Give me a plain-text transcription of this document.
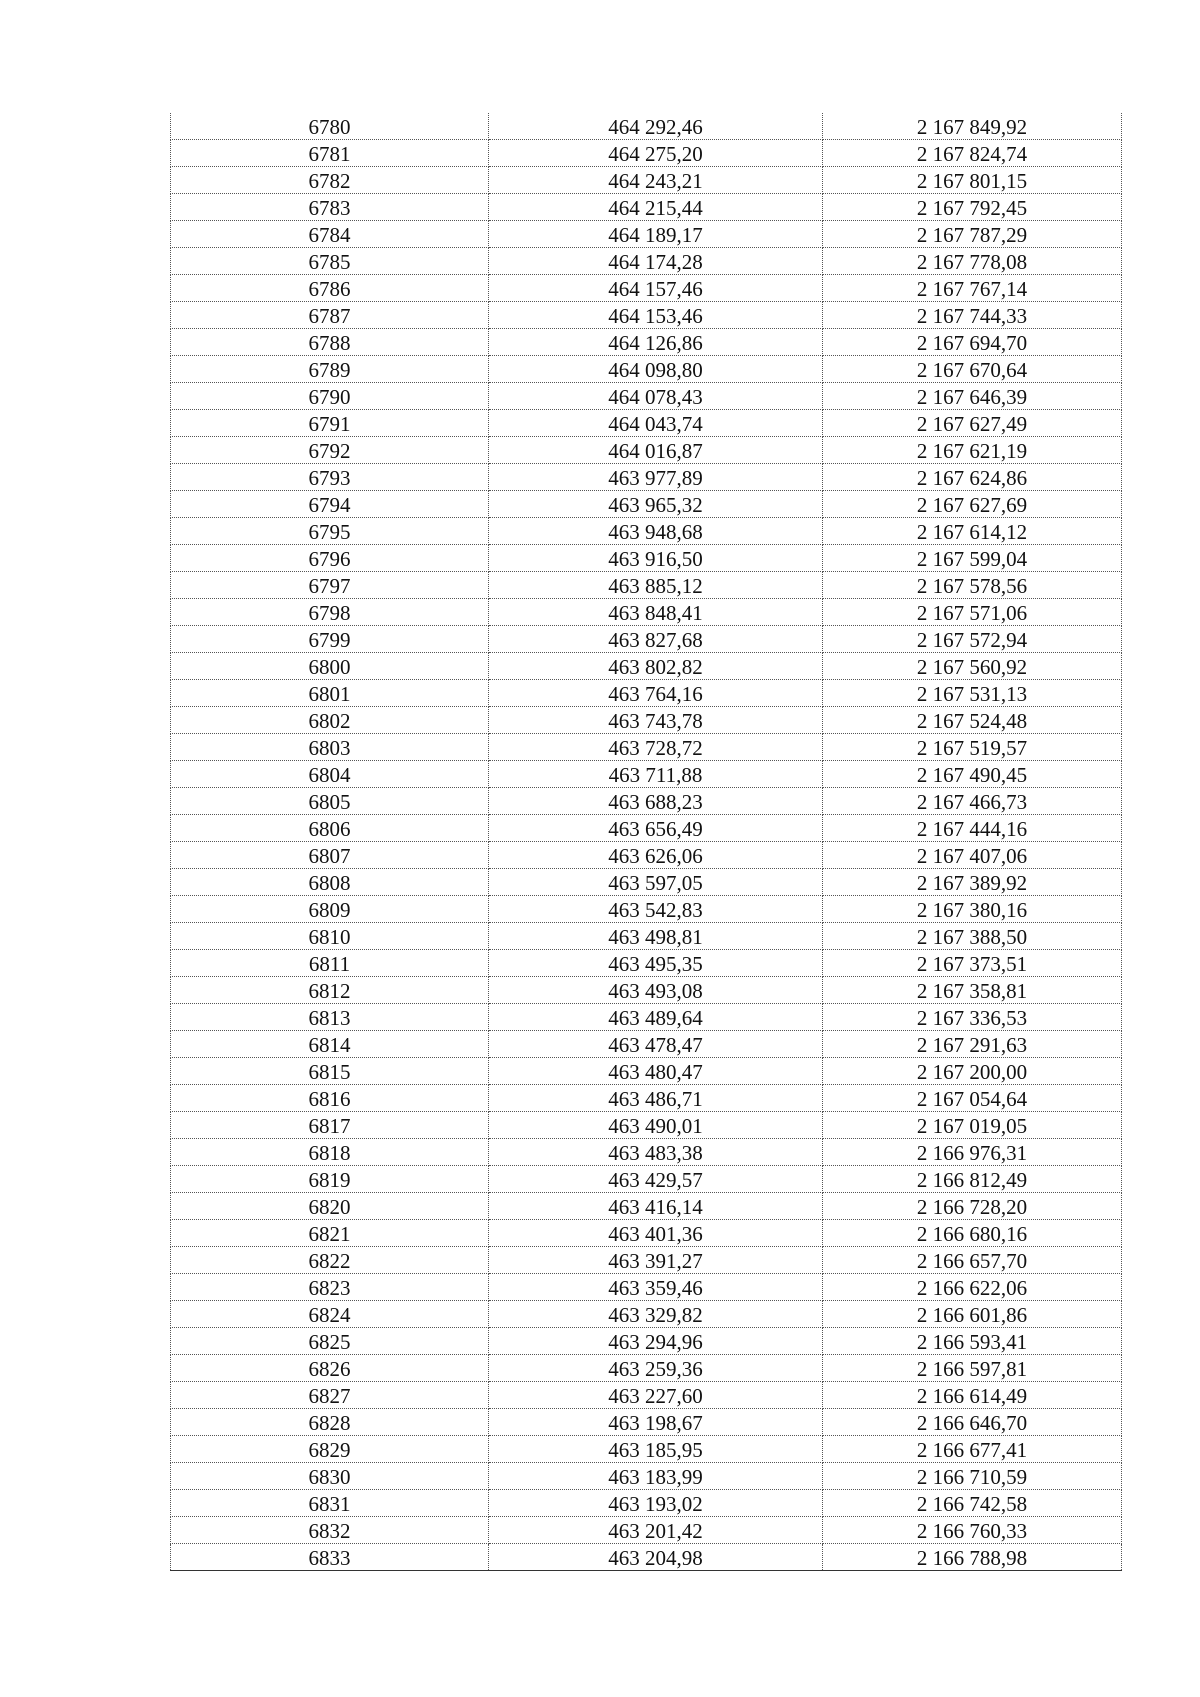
6780	464 292,46	2 167 849,92
6781	464 275,20	2 167 824,74
6782	464 243,21	2 167 801,15
6783	464 215,44	2 167 792,45
6784	464 189,17	2 167 787,29
6785	464 174,28	2 167 778,08
6786	464 157,46	2 167 767,14
6787	464 153,46	2 167 744,33
6788	464 126,86	2 167 694,70
6789	464 098,80	2 167 670,64
6790	464 078,43	2 167 646,39
6791	464 043,74	2 167 627,49
6792	464 016,87	2 167 621,19
6793	463 977,89	2 167 624,86
6794	463 965,32	2 167 627,69
6795	463 948,68	2 167 614,12
6796	463 916,50	2 167 599,04
6797	463 885,12	2 167 578,56
6798	463 848,41	2 167 571,06
6799	463 827,68	2 167 572,94
6800	463 802,82	2 167 560,92
6801	463 764,16	2 167 531,13
6802	463 743,78	2 167 524,48
6803	463 728,72	2 167 519,57
6804	463 711,88	2 167 490,45
6805	463 688,23	2 167 466,73
6806	463 656,49	2 167 444,16
6807	463 626,06	2 167 407,06
6808	463 597,05	2 167 389,92
6809	463 542,83	2 167 380,16
6810	463 498,81	2 167 388,50
6811	463 495,35	2 167 373,51
6812	463 493,08	2 167 358,81
6813	463 489,64	2 167 336,53
6814	463 478,47	2 167 291,63
6815	463 480,47	2 167 200,00
6816	463 486,71	2 167 054,64
6817	463 490,01	2 167 019,05
6818	463 483,38	2 166 976,31
6819	463 429,57	2 166 812,49
6820	463 416,14	2 166 728,20
6821	463 401,36	2 166 680,16
6822	463 391,27	2 166 657,70
6823	463 359,46	2 166 622,06
6824	463 329,82	2 166 601,86
6825	463 294,96	2 166 593,41
6826	463 259,36	2 166 597,81
6827	463 227,60	2 166 614,49
6828	463 198,67	2 166 646,70
6829	463 185,95	2 166 677,41
6830	463 183,99	2 166 710,59
6831	463 193,02	2 166 742,58
6832	463 201,42	2 166 760,33
6833	463 204,98	2 166 788,98
